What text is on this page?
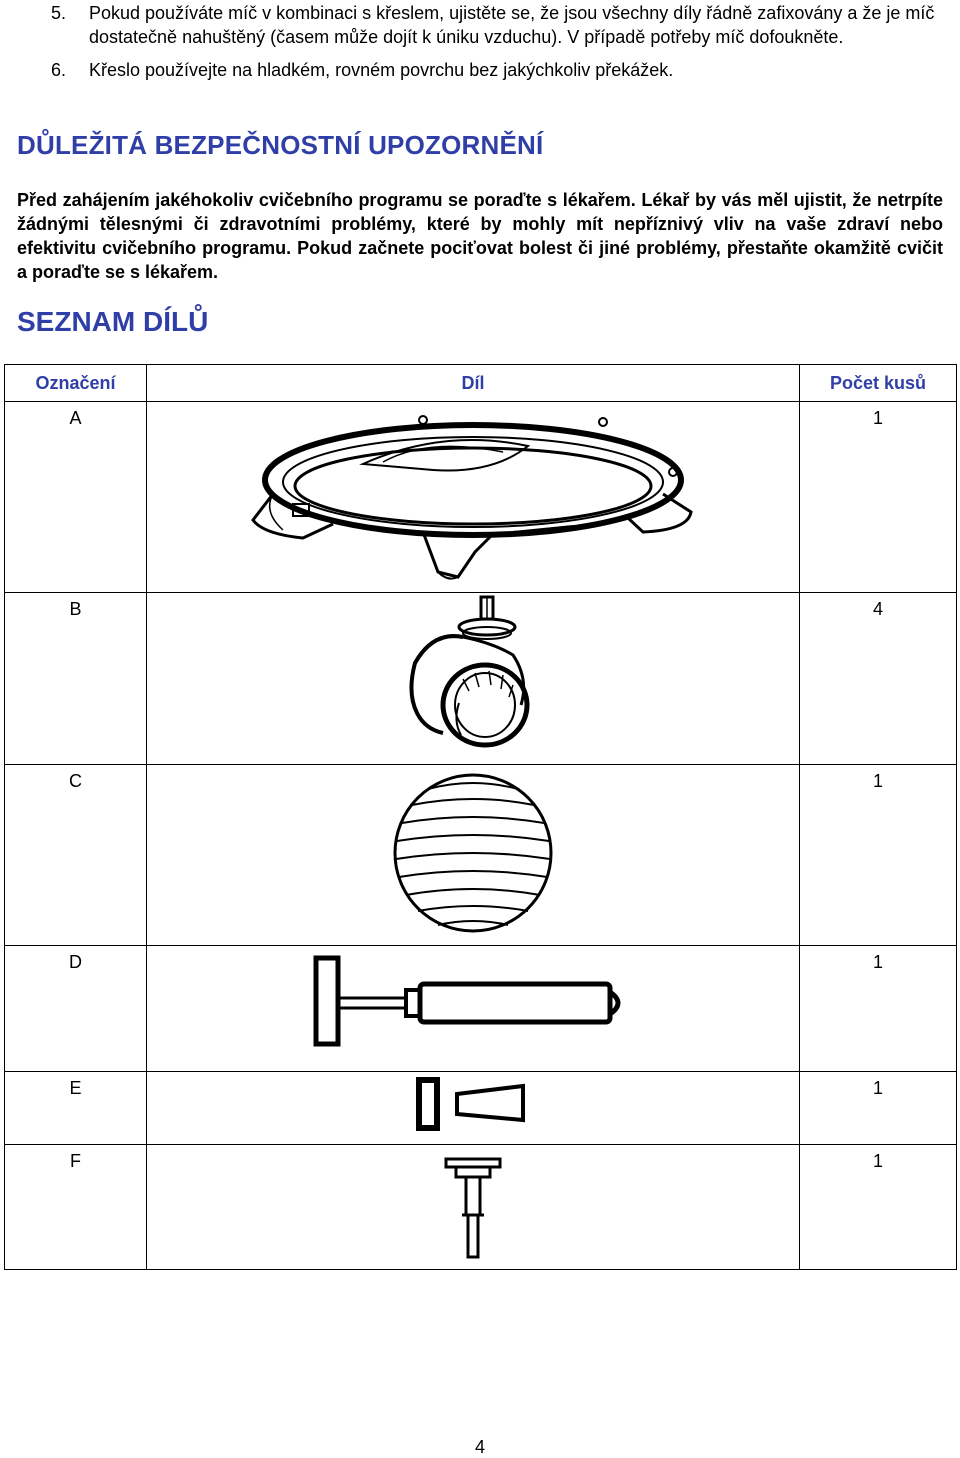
5. Pokud používáte míč v kombinaci s křeslem, ujistěte se, že jsou všechny díly řádně zafixovány a že je míč dostatečně nahuštěný (časem může dojít k úniku vzduchu). V případě potřeby míč dofoukněte.
6. Křeslo používejte na hladkém, rovném povrchu bez jakýchkoliv překážek.
DŮLEŽITÁ BEZPEČNOSTNÍ UPOZORNĚNÍ

Před zahájením jakéhokoliv cvičebního programu se poraďte s lékařem. Lékař by vás měl ujistit, že netrpíte žádnými tělesnými či zdravotními problémy, které by mohly mít nepříznivý vliv na vaše zdraví nebo efektivitu cvičebního programu. Pokud začnete pociťovat bolest či jiné problémy, přestaňte okamžitě cvičit a poraďte se s lékařem.

SEZNAM DÍLŮ
Označení	Díl	Počet kusů
A		1
B		4
C		1
D		1
E		1
F		1
4
